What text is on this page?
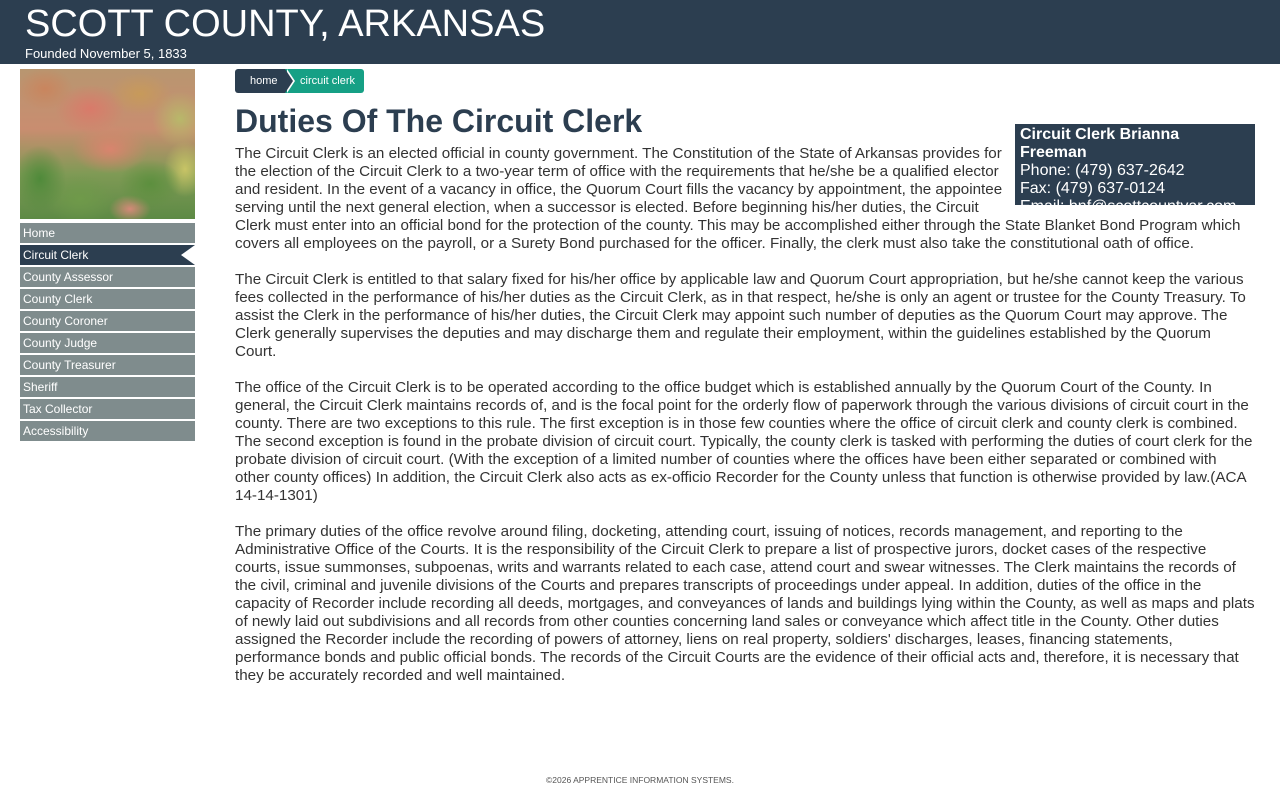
SCOTT COUNTY, ARKANSAS
Founded November 5, 1833
Home
Circuit Clerk
County Assessor
County Clerk
County Coroner
County Judge
County Treasurer
Sheriff
Tax Collector
Accessibility
home	circuit clerk
Duties Of The Circuit Clerk	Circuit Clerk Brianna Freeman
Phone: (479) 637-2642
Fax: (479) 637-0124
Email: bnf@scottcountyar.com

The Circuit Clerk is an elected official in county government. The Constitution of the State of Arkansas provides for the election of the Circuit Clerk to a two-year term of office with the requirements that he/she be a qualified elector and resident. In the event of a vacancy in office, the Quorum Court fills the vacancy by appointment, the appointee serving until the next general election, when a successor is elected. Before beginning his/her duties, the Circuit Clerk must enter into an official bond for the protection of the county. This may be accomplished either through the State Blanket Bond Program which covers all employees on the payroll, or a Surety Bond purchased for the officer. Finally, the clerk must also take the constitutional oath of office.

The Circuit Clerk is entitled to that salary fixed for his/her office by applicable law and Quorum Court appropriation, but he/she cannot keep the various fees collected in the performance of his/her duties as the Circuit Clerk, as in that respect, he/she is only an agent or trustee for the County Treasury. To assist the Clerk in the performance of his/her duties, the Circuit Clerk may appoint such number of deputies as the Quorum Court may approve. The Clerk generally supervises the deputies and may discharge them and regulate their employment, within the guidelines established by the Quorum Court.

The office of the Circuit Clerk is to be operated according to the office budget which is established annually by the Quorum Court of the County. In general, the Circuit Clerk maintains records of, and is the focal point for the orderly flow of paperwork through the various divisions of circuit court in the county. There are two exceptions to this rule. The first exception is in those few counties where the office of circuit clerk and county clerk is combined. The second exception is found in the probate division of circuit court. Typically, the county clerk is tasked with performing the duties of court clerk for the probate division of circuit court. (With the exception of a limited number of counties where the offices have been either separated or combined with other county offices) In addition, the Circuit Clerk also acts as ex-officio Recorder for the County unless that function is otherwise provided by law.(ACA 14-14-1301)

The primary duties of the office revolve around filing, docketing, attending court, issuing of notices, records management, and reporting to the Administrative Office of the Courts. It is the responsibility of the Circuit Clerk to prepare a list of prospective jurors, docket cases of the respective courts, issue summonses, subpoenas, writs and warrants related to each case, attend court and swear witnesses. The Clerk maintains the records of the civil, criminal and juvenile divisions of the Courts and prepares transcripts of proceedings under appeal. In addition, duties of the office in the capacity of Recorder include recording all deeds, mortgages, and conveyances of lands and buildings lying within the County, as well as maps and plats of newly laid out subdivisions and all records from other counties concerning land sales or conveyance which affect title in the County. Other duties assigned the Recorder include the recording of powers of attorney, liens on real property, soldiers' discharges, leases, financing statements, performance bonds and public official bonds. The records of the Circuit Courts are the evidence of their official acts and, therefore, it is necessary that they be accurately recorded and well maintained.

©2026 APPRENTICE INFORMATION SYSTEMS.
